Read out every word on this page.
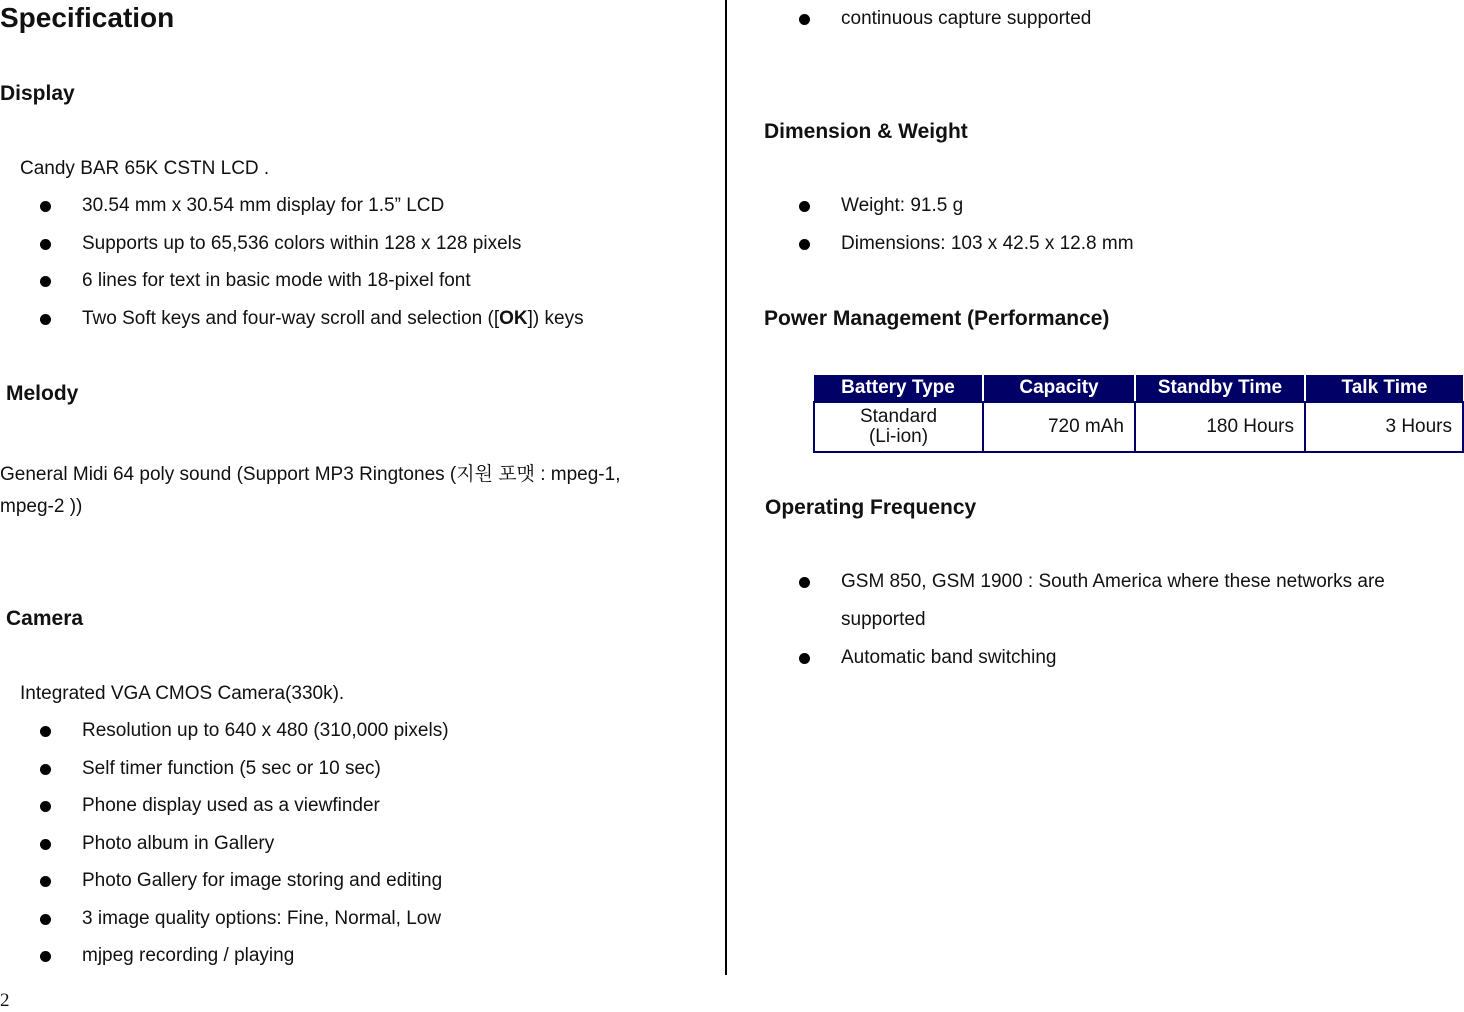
Specification
Display
Candy BAR 65K CSTN LCD .
30.54 mm x 30.54 mm display for 1.5” LCD
Supports up to 65,536 colors within 128 x 128 pixels
6 lines for text in basic mode with 18-pixel font
Two Soft keys and four-way scroll and selection ([OK]) keys
Melody
General Midi 64 poly sound (Support MP3 Ringtones (지원 포맷 : mpeg-1,
mpeg-2 ))
Camera
Integrated VGA CMOS Camera(330k).
Resolution up to 640 x 480 (310,000 pixels)
Self timer function (5 sec or 10 sec)
Phone display used as a viewfinder
Photo album in Gallery
Photo Gallery for image storing and editing
3 image quality options: Fine, Normal, Low
mjpeg recording / playing
2
continuous capture supported
Dimension & Weight
Weight: 91.5 g
Dimensions: 103 x 42.5 x 12.8 mm
Power Management (Performance)
Battery Type	Capacity	Standby Time	Talk Time

Standard
(Li-ion)	720 mAh	180 Hours	3 Hours
Operating Frequency
GSM 850, GSM 1900 : South America where these networks are
supported
Automatic band switching
